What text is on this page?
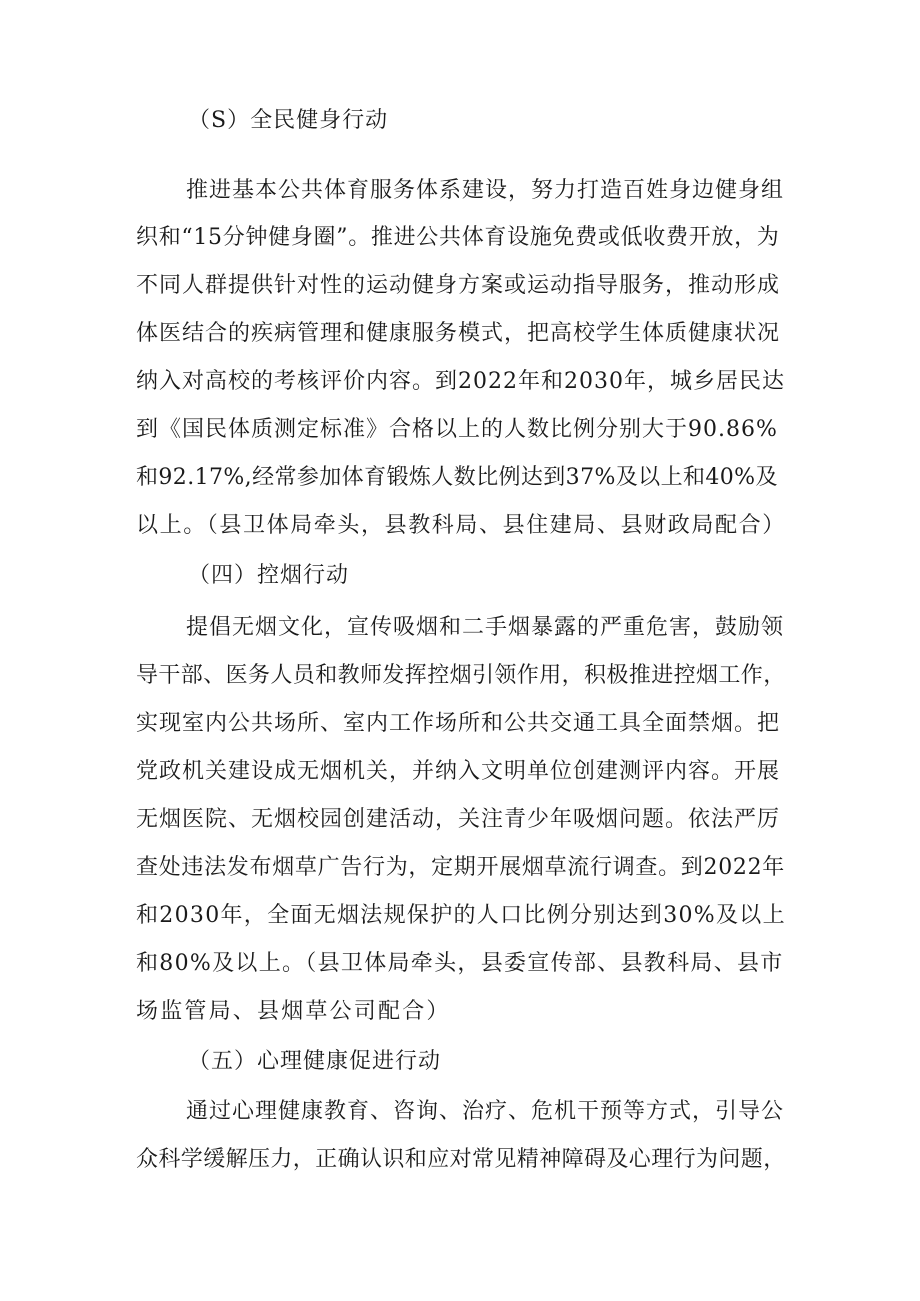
（S）全民健身行动
推进基本公共体育服务体系建设，努力打造百姓身边健身组
织和“15分钟健身圈”。推进公共体育设施免费或低收费开放，为
不同人群提供针对性的运动健身方案或运动指导服务，推动形成
体医结合的疾病管理和健康服务模式，把高校学生体质健康状况
纳入对高校的考核评价内容。到2022年和2030年，城乡居民达
到《国民体质测定标准》合格以上的人数比例分别大于90.86%
和92.17%,经常参加体育锻炼人数比例达到37%及以上和40%及
以上。（县卫体局牵头，县教科局、县住建局、县财政局配合）
（四）控烟行动
提倡无烟文化，宣传吸烟和二手烟暴露的严重危害，鼓励领
导干部、医务人员和教师发挥控烟引领作用，积极推进控烟工作，
实现室内公共场所、室内工作场所和公共交通工具全面禁烟。把
党政机关建设成无烟机关，并纳入文明单位创建测评内容。开展
无烟医院、无烟校园创建活动，关注青少年吸烟问题。依法严厉
查处违法发布烟草广告行为，定期开展烟草流行调查。到2022年
和2030年，全面无烟法规保护的人口比例分别达到30%及以上
和80%及以上。（县卫体局牵头，县委宣传部、县教科局、县市
场监管局、县烟草公司配合）
（五）心理健康促进行动
通过心理健康教育、咨询、治疗、危机干预等方式，引导公
众科学缓解压力，正确认识和应对常见精神障碍及心理行为问题，
